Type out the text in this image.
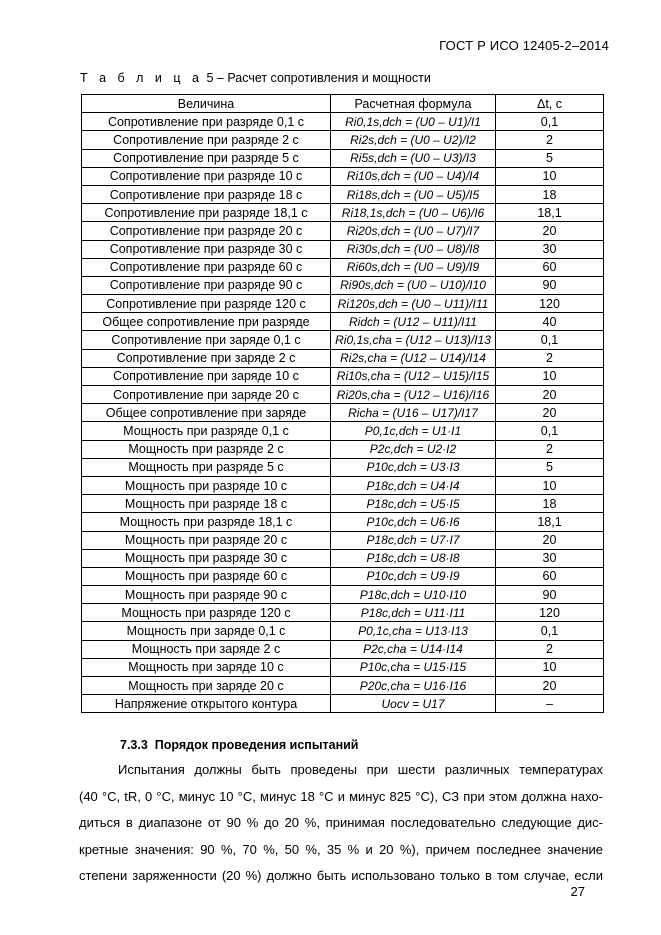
ГОСТ Р ИСО 12405-2–2014
Т а б л и ц а 5 – Расчет сопротивления и мощности
Величина	Расчетная формула	Δt, с
Сопротивление при разряде 0,1 с	Ri0,1s,dch = (U0 – U1)/I1	0,1
Сопротивление при разряде 2 с	Ri2s,dch = (U0 – U2)/I2	2
Сопротивление при разряде 5 с	Ri5s,dch = (U0 – U3)/I3	5
Сопротивление при разряде 10 с	Ri10s,dch = (U0 – U4)/I4	10
Сопротивление при разряде 18 с	Ri18s,dch = (U0 – U5)/I5	18
Сопротивление при разряде 18,1 с	Ri18,1s,dch = (U0 – U6)/I6	18,1
Сопротивление при разряде 20 с	Ri20s,dch = (U0 – U7)/I7	20
Сопротивление при разряде 30 с	Ri30s,dch = (U0 – U8)/I8	30
Сопротивление при разряде 60 с	Ri60s,dch = (U0 – U9)/I9	60
Сопротивление при разряде 90 с	Ri90s,dch = (U0 – U10)/I10	90
Сопротивление при разряде 120 с	Ri120s,dch = (U0 – U11)/I11	120
Общее сопротивление при разряде	Ridch = (U12 – U11)/I11	40
Сопротивление при заряде 0,1 с	Ri0,1s,cha = (U12 – U13)/I13	0,1
Сопротивление при заряде 2 с	Ri2s,cha = (U12 – U14)/I14	2
Сопротивление при заряде 10 с	Ri10s,cha = (U12 – U15)/I15	10
Сопротивление при заряде 20 с	Ri20s,cha = (U12 – U16)/I16	20
Общее сопротивление при заряде	Richa = (U16 – U17)/I17	20
Мощность при разряде 0,1 с	P0,1c,dch = U1·I1	0,1
Мощность при разряде 2 с	P2c,dch = U2·I2	2
Мощность при разряде 5 с	P10c,dch = U3·I3	5
Мощность при разряде 10 с	P18c,dch = U4·I4	10
Мощность при разряде 18 с	P18c,dch = U5·I5	18
Мощность при разряде 18,1 с	P10c,dch = U6·I6	18,1
Мощность при разряде 20 с	P18c,dch = U7·I7	20
Мощность при разряде 30 с	P18c,dch = U8·I8	30
Мощность при разряде 60 с	P10c,dch = U9·I9	60
Мощность при разряде 90 с	P18c,dch = U10·I10	90
Мощность при разряде 120 с	P18c,dch = U11·I11	120
Мощность при заряде 0,1 с	P0,1c,cha = U13·I13	0,1
Мощность при заряде 2 с	P2c,cha = U14·I14	2
Мощность при заряде 10 с	P10c,cha = U15·I15	10
Мощность при заряде 20 с	P20c,cha = U16·I16	20
Напряжение открытого контура	Uocv = U17	–
7.3.3 Порядок проведения испытаний
Испытания должны быть проведены при шести различных температурах
(40 °С, tR, 0 °С, минус 10 °С, минус 18 °С и минус 825 °С), СЗ при этом должна нахо-
диться в диапазоне от 90 % до 20 %, принимая последовательно следующие дис-
кретные значения: 90 %, 70 %, 50 %, 35 % и 20 %), причем последнее значение
степени заряженности (20 %) должно быть использовано только в том случае, если
27
